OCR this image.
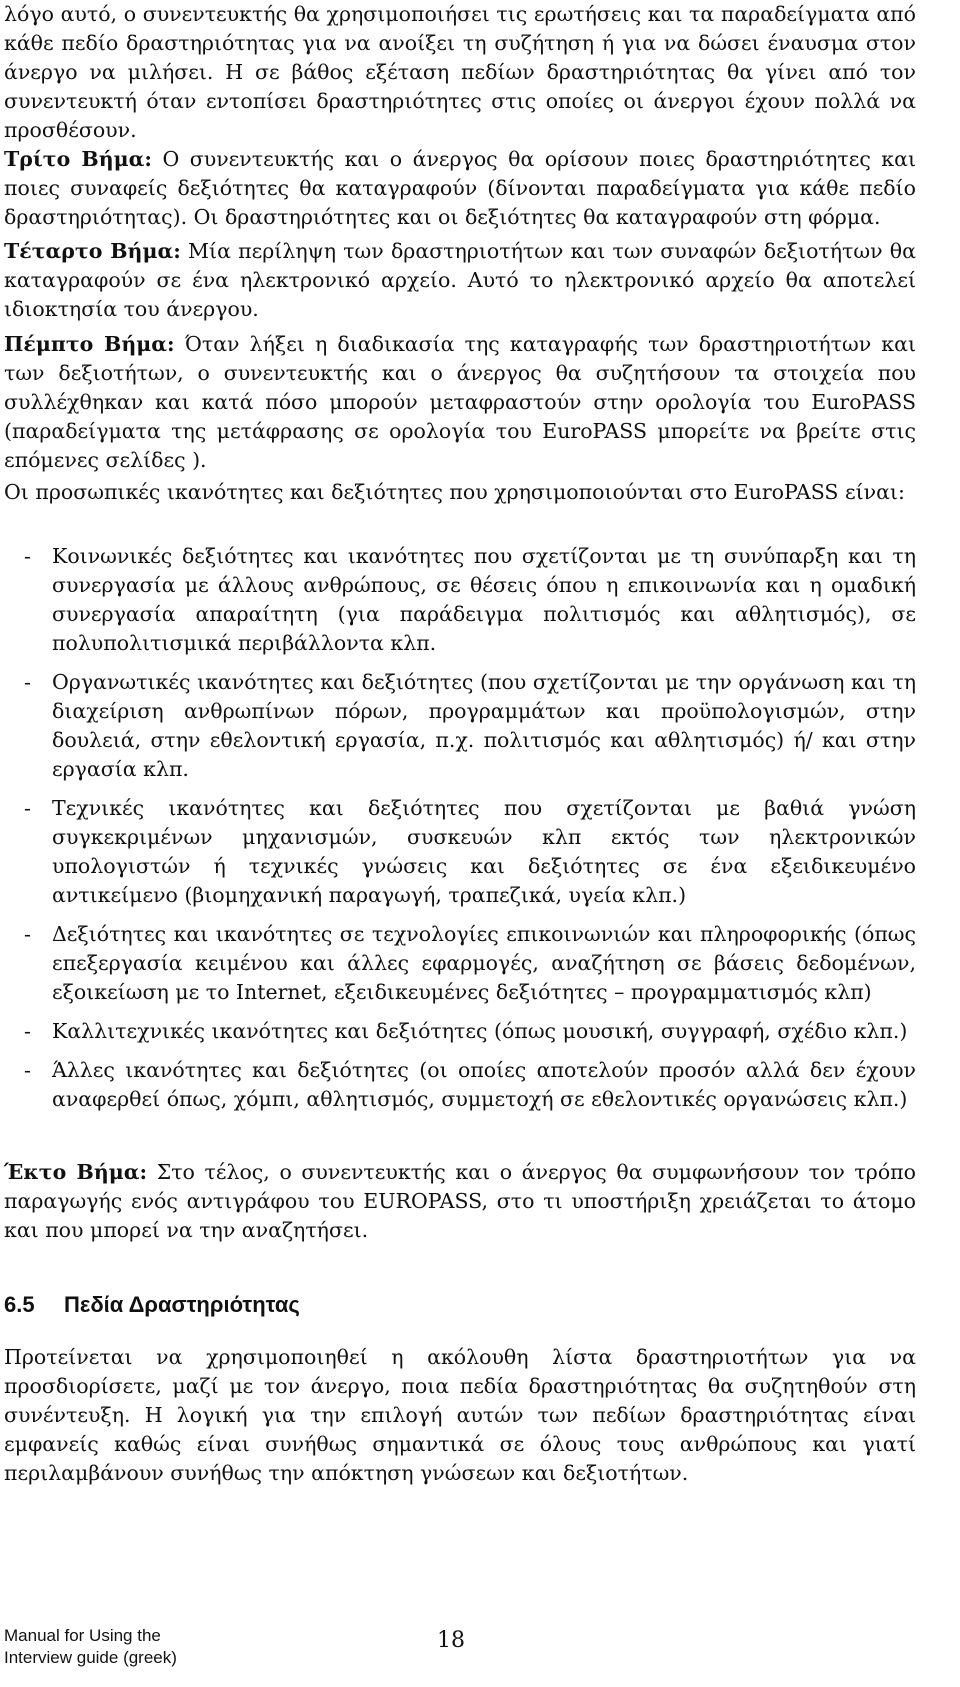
λόγο αυτό, ο συνεντευκτής θα χρησιμοποιήσει τις ερωτήσεις και τα παραδείγματα από κάθε πεδίο δραστηριότητας για να ανοίξει τη συζήτηση ή για να δώσει έναυσμα στον άνεργο να μιλήσει. Η σε βάθος εξέταση πεδίων δραστηριότητας θα γίνει από τον συνεντευκτή όταν εντοπίσει δραστηριότητες στις οποίες οι άνεργοι έχουν πολλά να προσθέσουν.

Τρίτο Βήμα: Ο συνεντευκτής και ο άνεργος θα ορίσουν ποιες δραστηριότητες και ποιες συναφείς δεξιότητες θα καταγραφούν (δίνονται παραδείγματα για κάθε πεδίο δραστηριότητας). Οι δραστηριότητες και οι δεξιότητες θα καταγραφούν στη φόρμα.

Τέταρτο Βήμα: Μία περίληψη των δραστηριοτήτων και των συναφών δεξιοτήτων θα καταγραφούν σε ένα ηλεκτρονικό αρχείο. Αυτό το ηλεκτρονικό αρχείο θα αποτελεί ιδιοκτησία του άνεργου.

Πέμπτο Βήμα: Όταν λήξει η διαδικασία της καταγραφής των δραστηριοτήτων και των δεξιοτήτων, ο συνεντευκτής και ο άνεργος θα συζητήσουν τα στοιχεία που συλλέχθηκαν και κατά πόσο μπορούν μεταφραστούν στην ορολογία του EuroPASS (παραδείγματα της μετάφρασης σε ορολογία του EuroPASS μπορείτε να βρείτε στις επόμενες σελίδες ).

Οι προσωπικές ικανότητες και δεξιότητες που χρησιμοποιούνται στο EuroPASS είναι:

- Κοινωνικές δεξιότητες και ικανότητες που σχετίζονται με τη συνύπαρξη και τη συνεργασία με άλλους ανθρώπους, σε θέσεις όπου η επικοινωνία και η ομαδική συνεργασία απαραίτητη (για παράδειγμα πολιτισμός και αθλητισμός), σε πολυπολιτισμικά περιβάλλοντα κλπ.
- Οργανωτικές ικανότητες και δεξιότητες (που σχετίζονται με την οργάνωση και τη διαχείριση ανθρωπίνων πόρων, προγραμμάτων και προϋπολογισμών, στην δουλειά, στην εθελοντική εργασία, π.χ. πολιτισμός και αθλητισμός) ή/ και στην εργασία κλπ.
- Τεχνικές ικανότητες και δεξιότητες που σχετίζονται με βαθιά γνώση συγκεκριμένων μηχανισμών, συσκευών κλπ εκτός των ηλεκτρονικών υπολογιστών ή τεχνικές γνώσεις και δεξιότητες σε ένα εξειδικευμένο αντικείμενο (βιομηχανική παραγωγή, τραπεζικά, υγεία κλπ.)
- Δεξιότητες και ικανότητες σε τεχνολογίες επικοινωνιών και πληροφορικής (όπως επεξεργασία κειμένου και άλλες εφαρμογές, αναζήτηση σε βάσεις δεδομένων, εξοικείωση με το Internet, εξειδικευμένες δεξιότητες – προγραμματισμός κλπ)
- Καλλιτεχνικές ικανότητες και δεξιότητες (όπως μουσική, συγγραφή, σχέδιο κλπ.)
- Άλλες ικανότητες και δεξιότητες (οι οποίες αποτελούν προσόν αλλά δεν έχουν αναφερθεί όπως, χόμπι, αθλητισμός, συμμετοχή σε εθελοντικές οργανώσεις κλπ.)

Έκτο Βήμα: Στο τέλος, ο συνεντευκτής και ο άνεργος θα συμφωνήσουν τον τρόπο παραγωγής ενός αντιγράφου του EUROPASS, στο τι υποστήριξη χρειάζεται το άτομο και που μπορεί να την αναζητήσει.

6.5 Πεδία Δραστηριότητας

Προτείνεται να χρησιμοποιηθεί η ακόλουθη λίστα δραστηριοτήτων για να προσδιορίσετε, μαζί με τον άνεργο, ποια πεδία δραστηριότητας θα συζητηθούν στη συνέντευξη. Η λογική για την επιλογή αυτών των πεδίων δραστηριότητας είναι εμφανείς καθώς είναι συνήθως σημαντικά σε όλους τους ανθρώπους και γιατί περιλαμβάνουν συνήθως την απόκτηση γνώσεων και δεξιοτήτων.

Manual for Using the
Interview guide (greek)
18
